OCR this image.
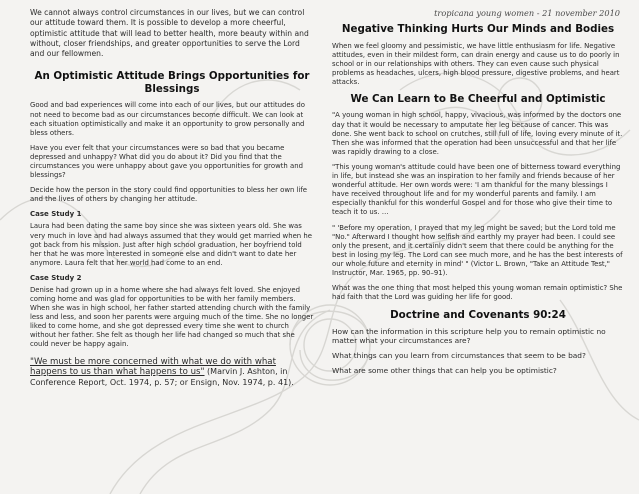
We cannot always control circumstances in our lives, but we can control our attitude toward them. It is possible to develop a more cheerful, optimistic attitude that will lead to better health, more beauty within and without, closer friendships, and greater opportunities to serve the Lord and our fellowmen.

An Optimistic Attitude Brings Opportunities for Blessings

Good and bad experiences will come into each of our lives, but our attitudes do not need to become bad as our circumstances become difficult. We can look at each situation optimistically and make it an opportunity to grow personally and bless others.

Have you ever felt that your circumstances were so bad that you became depressed and unhappy? What did you do about it? Did you find that the circumstances you were unhappy about gave you opportunities for growth and blessings?

Decide how the person in the story could find opportunities to bless her own life and the lives of others by changing her attitude.

Case Study 1

Laura had been dating the same boy since she was sixteen years old. She was very much in love and had always assumed that they would get married when he got back from his mission. Just after high school graduation, her boyfriend told her that he was more interested in someone else and didn't want to date her anymore. Laura felt that her world had come to an end.

Case Study 2

Denise had grown up in a home where she had always felt loved. She enjoyed coming home and was glad for opportunities to be with her family members. When she was in high school, her father started attending church with the family less and less, and soon her parents were arguing much of the time. She no longer liked to come home, and she got depressed every time she went to church without her father. She felt as though her life had changed so much that she could never be happy again.

"We must be more concerned with what we do with what happens to us than what happens to us" (Marvin J. Ashton, in Conference Report, Oct. 1974, p. 57; or Ensign, Nov. 1974, p. 41).

tropicana young women - 21 november 2010
Negative Thinking Hurts Our Minds and Bodies

When we feel gloomy and pessimistic, we have little enthusiasm for life. Negative attitudes, even in their mildest form, can drain energy and cause us to do poorly in school or in our relationships with others. They can even cause such physical problems as headaches, ulcers, high blood pressure, digestive problems, and heart attacks.

We Can Learn to Be Cheerful and Optimistic

"A young woman in high school, happy, vivacious, was informed by the doctors one day that it would be necessary to amputate her leg because of cancer. This was done. She went back to school on crutches, still full of life, loving every minute of it. Then she was informed that the operation had been unsuccessful and that her life was rapidly drawing to a close.

"This young woman's attitude could have been one of bitterness toward everything in life, but instead she was an inspiration to her family and friends because of her wonderful attitude. Her own words were: 'I am thankful for the many blessings I have received throughout life and for my wonderful parents and family. I am especially thankful for this wonderful Gospel and for those who give their time to teach it to us. …

" 'Before my operation, I prayed that my leg might be saved; but the Lord told me "No." Afterward I thought how selfish and earthly my prayer had been. I could see only the present, and it certainly didn't seem that there could be anything for the best in losing my leg. The Lord can see much more, and he has the best interests of our whole future and eternity in mind' " (Victor L. Brown, "Take an Attitude Test," Instructor, Mar. 1965, pp. 90–91).

What was the one thing that most helped this young woman remain optimistic? She had faith that the Lord was guiding her life for good.

Doctrine and Covenants 90:24

How can the information in this scripture help you to remain optimistic no matter what your circumstances are?

What things can you learn from circumstances that seem to be bad?

What are some other things that can help you be optimistic?
